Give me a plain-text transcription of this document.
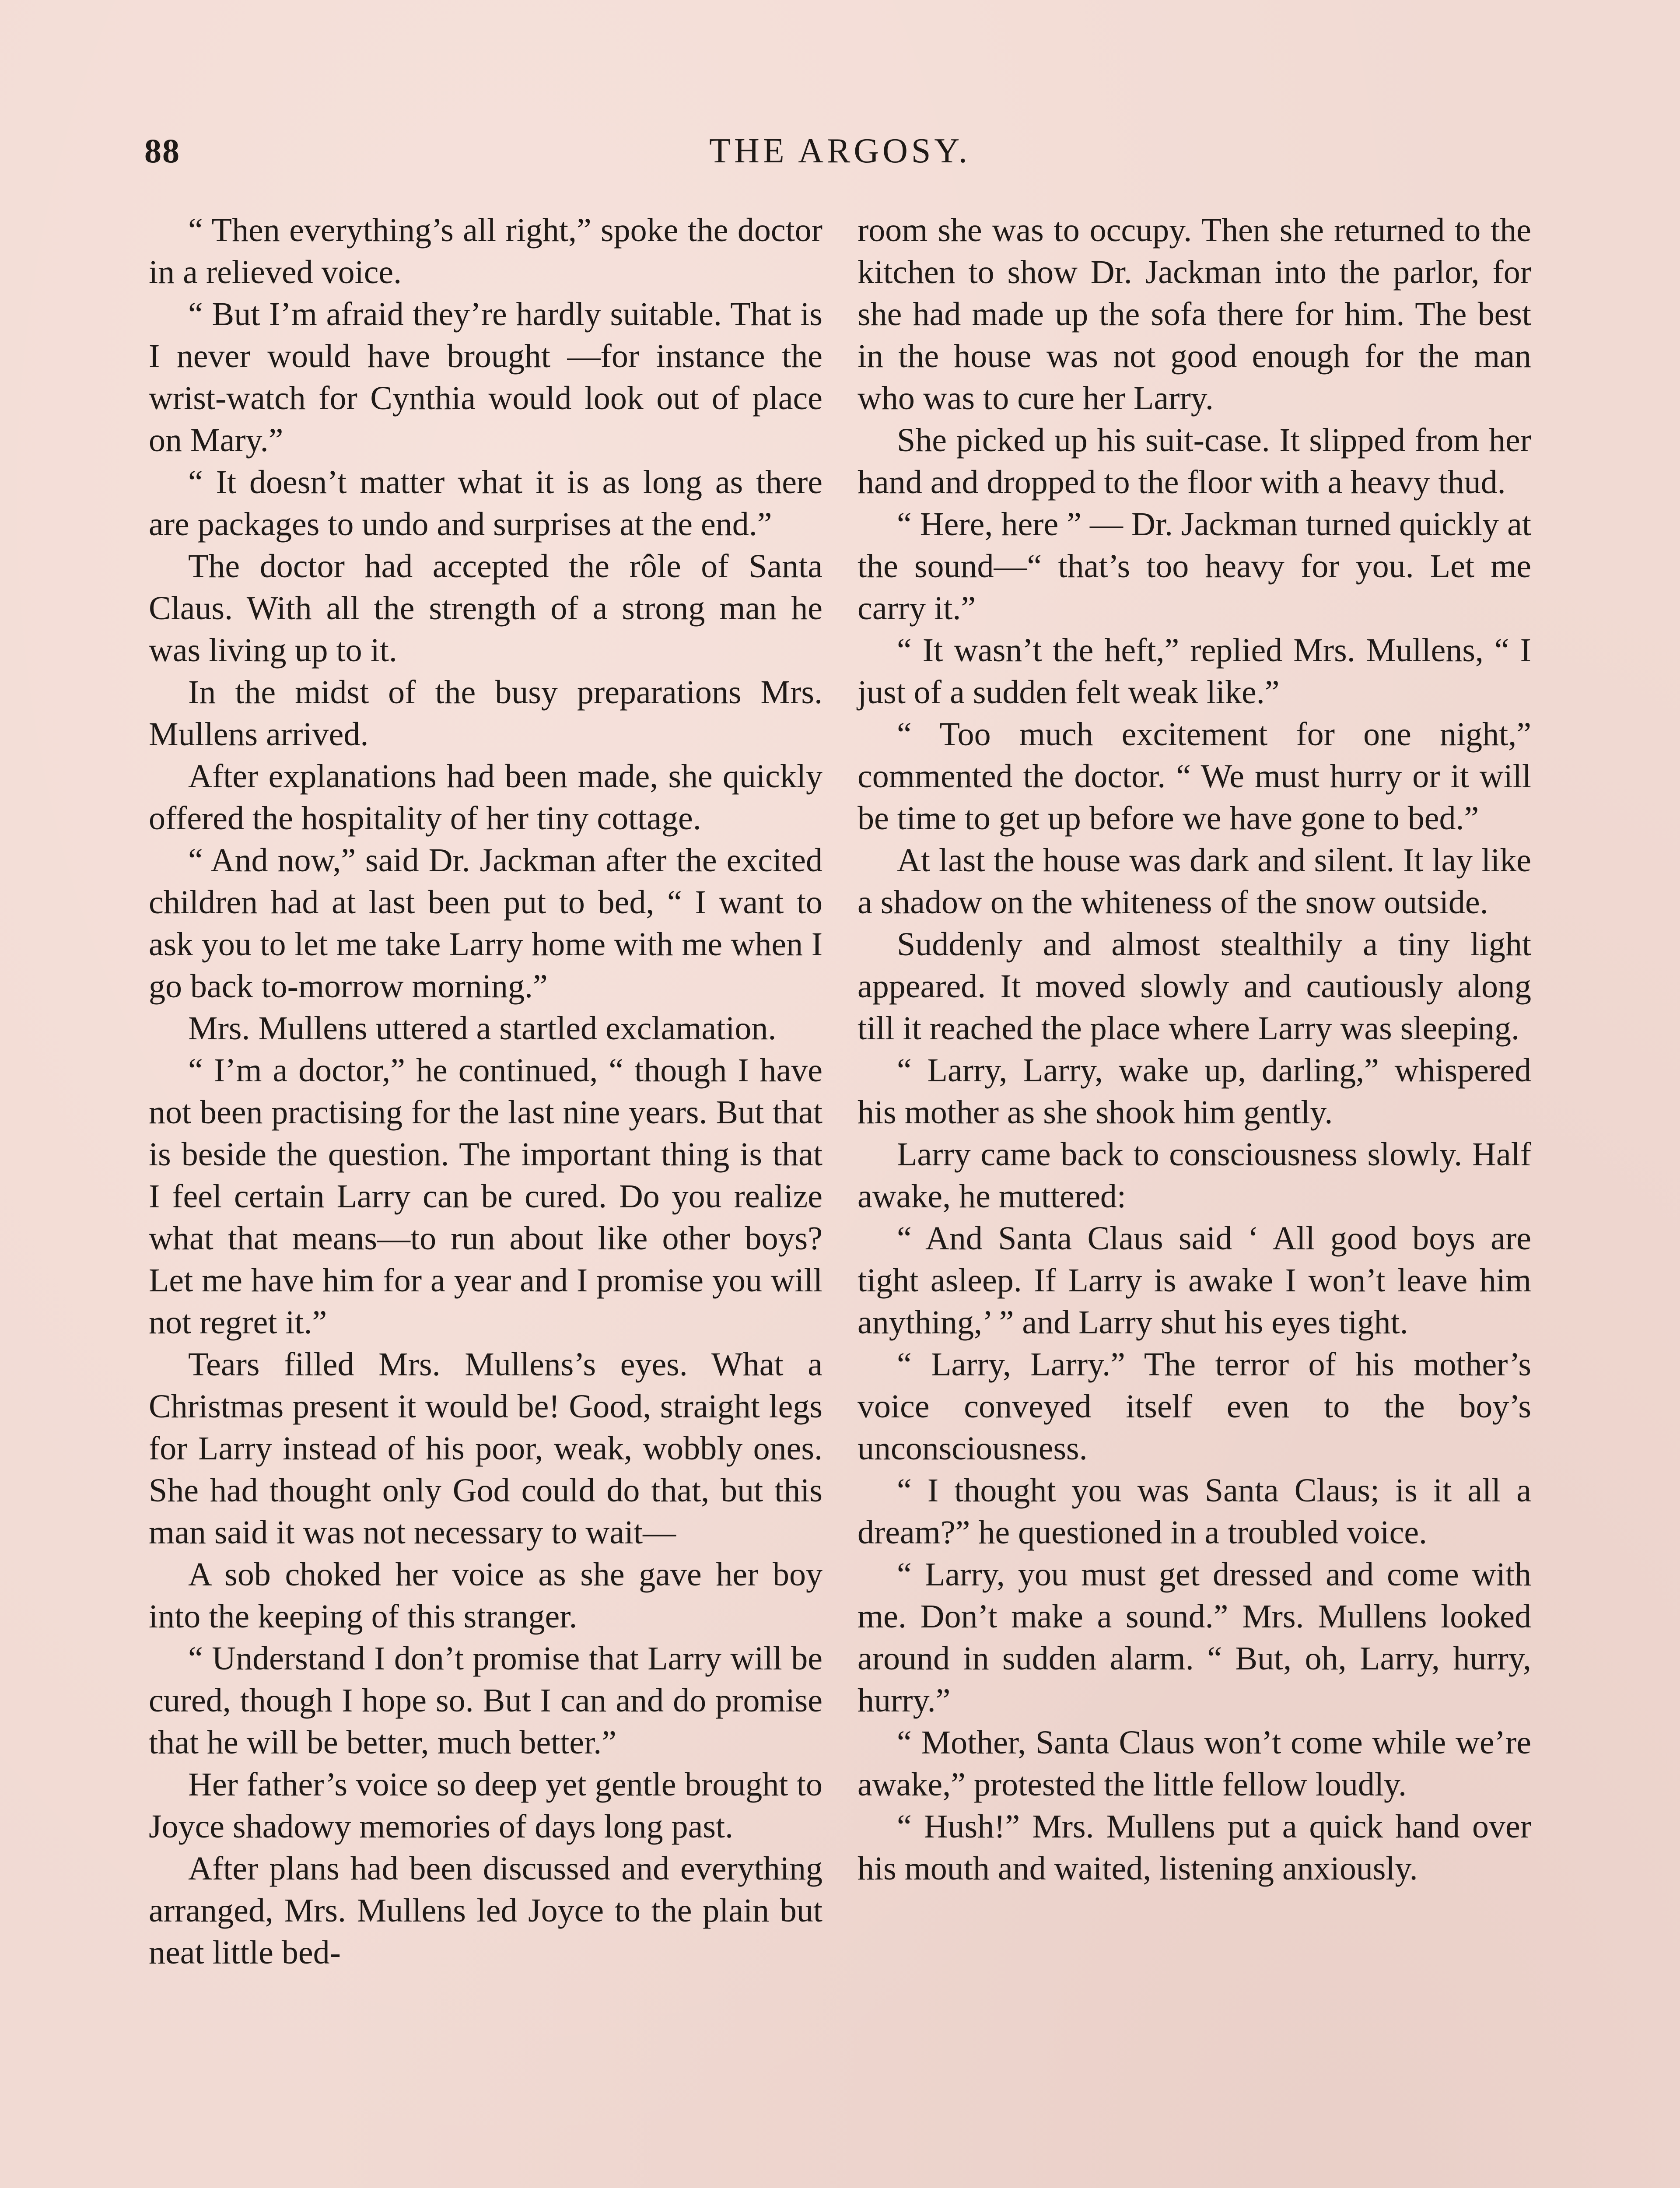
88	THE ARGOSY.

“ Then everything’s all right,” spoke the doctor in a relieved voice.

“ But I’m afraid they’re hardly suitable. That is I never would have brought —for instance the wrist-watch for Cynthia would look out of place on Mary.”

“ It doesn’t matter what it is as long as there are packages to undo and surprises at the end.”

The doctor had accepted the rôle of Santa Claus. With all the strength of a strong man he was living up to it.

In the midst of the busy preparations Mrs. Mullens arrived.

After explanations had been made, she quickly offered the hospitality of her tiny cottage.

“ And now,” said Dr. Jackman after the excited children had at last been put to bed, “ I want to ask you to let me take Larry home with me when I go back to-morrow morning.”

Mrs. Mullens uttered a startled exclamation.

“ I’m a doctor,” he continued, “ though I have not been practising for the last nine years. But that is beside the question. The important thing is that I feel certain Larry can be cured. Do you realize what that means—to run about like other boys? Let me have him for a year and I promise you will not regret it.”

Tears filled Mrs. Mullens’s eyes. What a Christmas present it would be! Good, straight legs for Larry instead of his poor, weak, wobbly ones. She had thought only God could do that, but this man said it was not necessary to wait—

A sob choked her voice as she gave her boy into the keeping of this stranger.

“ Understand I don’t promise that Larry will be cured, though I hope so. But I can and do promise that he will be better, much better.”

Her father’s voice so deep yet gentle brought to Joyce shadowy memories of days long past.

After plans had been discussed and everything arranged, Mrs. Mullens led Joyce to the plain but neat little bed-

room she was to occupy. Then she returned to the kitchen to show Dr. Jackman into the parlor, for she had made up the sofa there for him. The best in the house was not good enough for the man who was to cure her Larry.

She picked up his suit-case. It slipped from her hand and dropped to the floor with a heavy thud.

“ Here, here ” — Dr. Jackman turned quickly at the sound—“ that’s too heavy for you. Let me carry it.”

“ It wasn’t the heft,” replied Mrs. Mullens, “ I just of a sudden felt weak like.”

“ Too much excitement for one night,” commented the doctor. “ We must hurry or it will be time to get up before we have gone to bed.”

At last the house was dark and silent. It lay like a shadow on the whiteness of the snow outside.

Suddenly and almost stealthily a tiny light appeared. It moved slowly and cautiously along till it reached the place where Larry was sleeping.

“ Larry, Larry, wake up, darling,” whispered his mother as she shook him gently.

Larry came back to consciousness slowly. Half awake, he muttered:

“ And Santa Claus said ‘ All good boys are tight asleep. If Larry is awake I won’t leave him anything,’ ” and Larry shut his eyes tight.

“ Larry, Larry.” The terror of his mother’s voice conveyed itself even to the boy’s unconsciousness.

“ I thought you was Santa Claus; is it all a dream?” he questioned in a troubled voice.

“ Larry, you must get dressed and come with me. Don’t make a sound.” Mrs. Mullens looked around in sudden alarm. “ But, oh, Larry, hurry, hurry.”

“ Mother, Santa Claus won’t come while we’re awake,” protested the little fellow loudly.

“ Hush!” Mrs. Mullens put a quick hand over his mouth and waited, listening anxiously.
